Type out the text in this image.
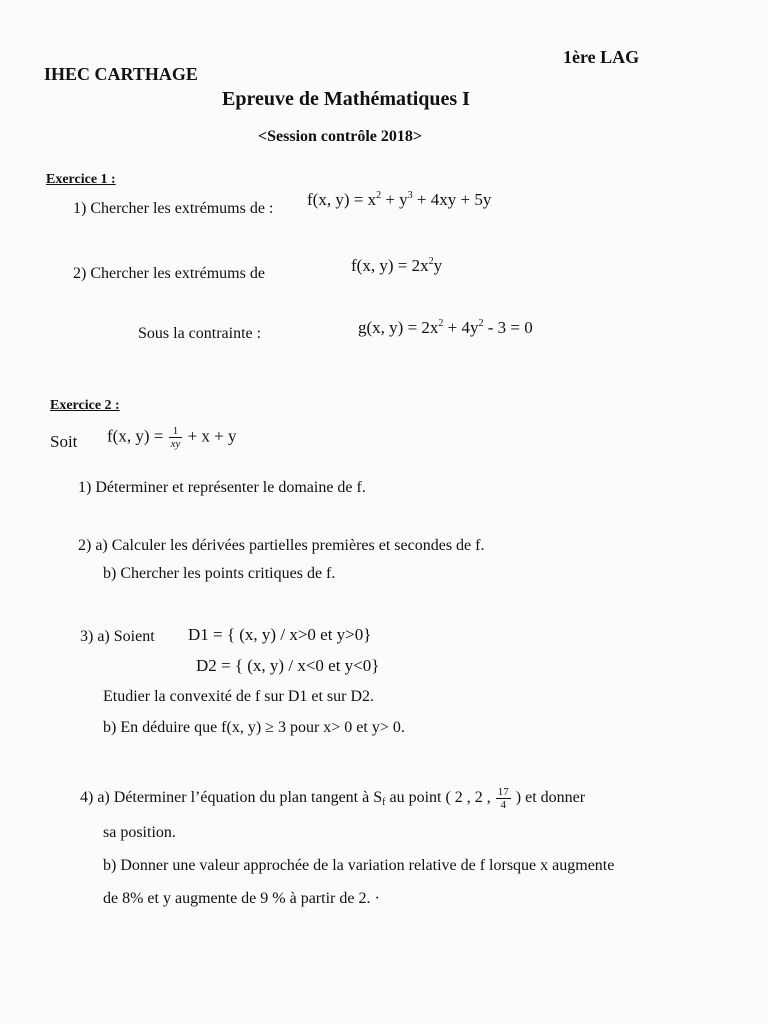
IHEC CARTHAGE
1ère LAG
Epreuve de Mathématiques I
<Session contrôle 2018>
Exercice 1 :
1) Chercher les extrémums de : f(x, $y) = x^2 + y^3 + 4xy + 5y$
2) Chercher les extrémums de	f(x, $y) = 2x^2y$
Sous la contrainte :	g(x, $y) = 2x^2 + 4y^2 - 3 = 0$
Exercice 2 :
Soit f(x, $y) = \frac{1}{xy} + x + y$
1) Déterminer et représenter le domaine de f.
2) a) Calculer les dérivées partielles premières et secondes de f.
b) Chercher les points critiques de f.
3) a) Soient D1 = { (x, y) / x>0 et y>0}
D2 = { (x, y) / x<0 et y<0}
Etudier la convexité de f sur D1 et sur D2.
b) En déduire que f(x, y) ≥ 3 pour x> 0 et y> 0.
4) a) Déterminer l’équation du plan tangent à $S_f$ au point ( 2 , 2 , $\frac{17}{4}$ ) et donner
sa position.
b) Donner une valeur approchée de la variation relative de f lorsque x augmente
de 8% et y augmente de 9 % à partir de 2. ·
